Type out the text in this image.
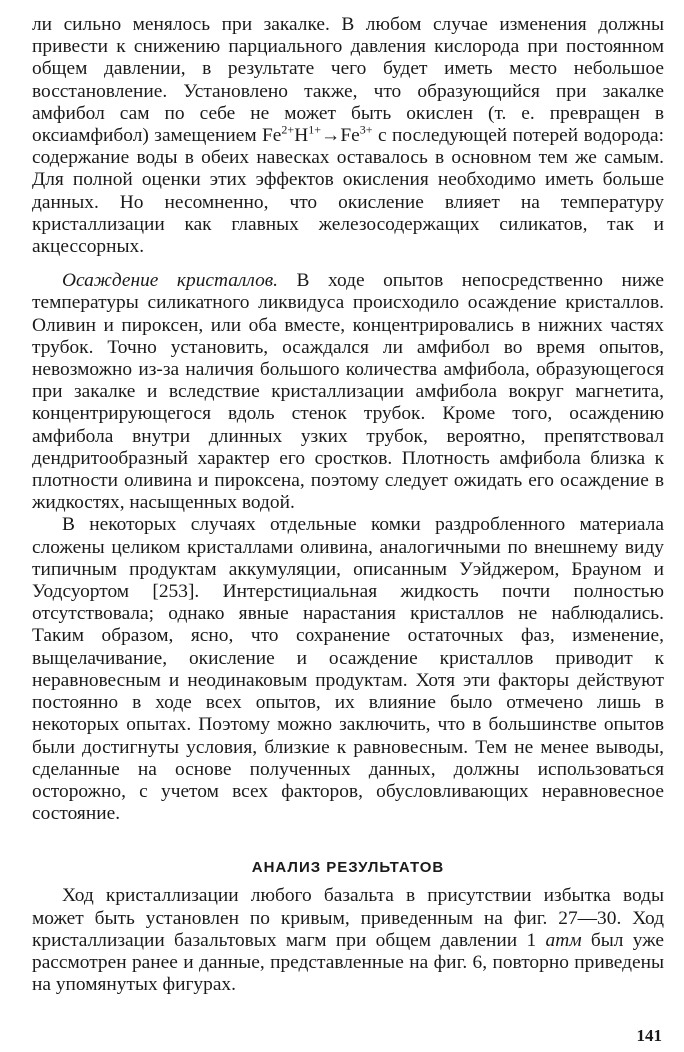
ли сильно менялось при закалке. В любом случае изменения должны привести к снижению парциального давления кислорода при постоянном общем давлении, в результате чего будет иметь место небольшое восстановление. Установлено также, что образующийся при закалке амфибол сам по себе не может быть окислен (т. е. превращен в оксиамфибол) замещением $Fe^{2+}H^{1+}\to Fe^{3+}$ с последующей потерей водорода: содержание воды в обеих навесках оставалось в основном тем же самым. Для полной оценки этих эффектов окисления необходимо иметь больше данных. Но несомненно, что окисление влияет на температуру кристаллизации как главных железосодержащих силикатов, так и акцессорных.

Осаждение кристаллов. В ходе опытов непосредственно ниже температуры силикатного ликвидуса происходило осаждение кристаллов. Оливин и пироксен, или оба вместе, концентрировались в нижних частях трубок. Точно установить, осаждался ли амфибол во время опытов, невозможно из-за наличия большого количества амфибола, образующегося при закалке и вследствие кристаллизации амфибола вокруг магнетита, концентрирующегося вдоль стенок трубок. Кроме того, осаждению амфибола внутри длинных узких трубок, вероятно, препятствовал дендритообразный характер его сростков. Плотность амфибола близка к плотности оливина и пироксена, поэтому следует ожидать его осаждение в жидкостях, насыщенных водой.

В некоторых случаях отдельные комки раздробленного материала сложены целиком кристаллами оливина, аналогичными по внешнему виду типичным продуктам аккумуляции, описанным Уэйджером, Брауном и Уодсуортом [253]. Интерстициальная жидкость почти полностью отсутствовала; однако явные нарастания кристаллов не наблюдались. Таким образом, ясно, что сохранение остаточных фаз, изменение, выщелачивание, окисление и осаждение кристаллов приводит к неравновесным и неодинаковым продуктам. Хотя эти факторы действуют постоянно в ходе всех опытов, их влияние было отмечено лишь в некоторых опытах. Поэтому можно заключить, что в большинстве опытов были достигнуты условия, близкие к равновесным. Тем не менее выводы, сделанные на основе полученных данных, должны использоваться осторожно, с учетом всех факторов, обусловливающих неравновесное состояние.

АНАЛИЗ РЕЗУЛЬТАТОВ

Ход кристаллизации любого базальта в присутствии избытка воды может быть установлен по кривым, приведенным на фиг. 27—30. Ход кристаллизации базальтовых магм при общем давлении 1 атм был уже рассмотрен ранее и данные, представленные на фиг. 6, повторно приведены на упомянутых фигурах.

141
